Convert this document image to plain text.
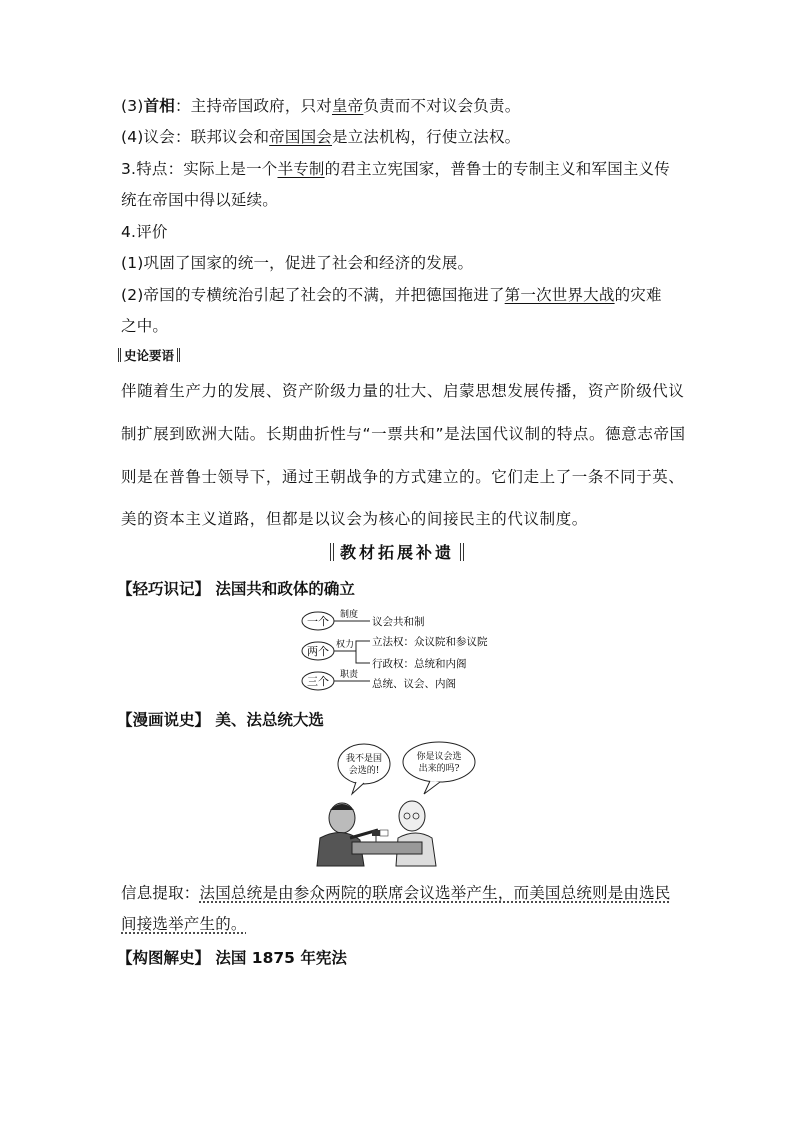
(3)首相：主持帝国政府，只对皇帝负责而不对议会负责。
(4)议会：联邦议会和帝国国会是立法机构，行使立法权。
3.特点：实际上是一个半专制的君主立宪国家，普鲁士的专制主义和军国主义传
统在帝国中得以延续。
4.评价
(1)巩固了国家的统一，促进了社会和经济的发展。
(2)帝国的专横统治引起了社会的不满，并把德国拖进了第一次世界大战的灾难
之中。
史论要语
伴随着生产力的发展、资产阶级力量的壮大、启蒙思想发展传播，资产阶级代议
制扩展到欧洲大陆。长期曲折性与“一票共和”是法国代议制的特点。德意志帝国
则是在普鲁士领导下，通过王朝战争的方式建立的。它们走上了一条不同于英、
美的资本主义道路，但都是以议会为核心的间接民主的代议制度。
教材拓展补遗
【轻巧识记】 法国共和政体的确立
一个
两个
三个
制度
权力
职责
议会共和制
立法权：众议院和参议院
行政权：总统和内阁
总统、议会、内阁
【漫画说史】 美、法总统大选
我不是国
会选的!
你是议会选
出来的吗?
信息提取：法国总统是由参众两院的联席会议选举产生，而美国总统则是由选民
间接选举产生的。
【构图解史】 法国 1875 年宪法
